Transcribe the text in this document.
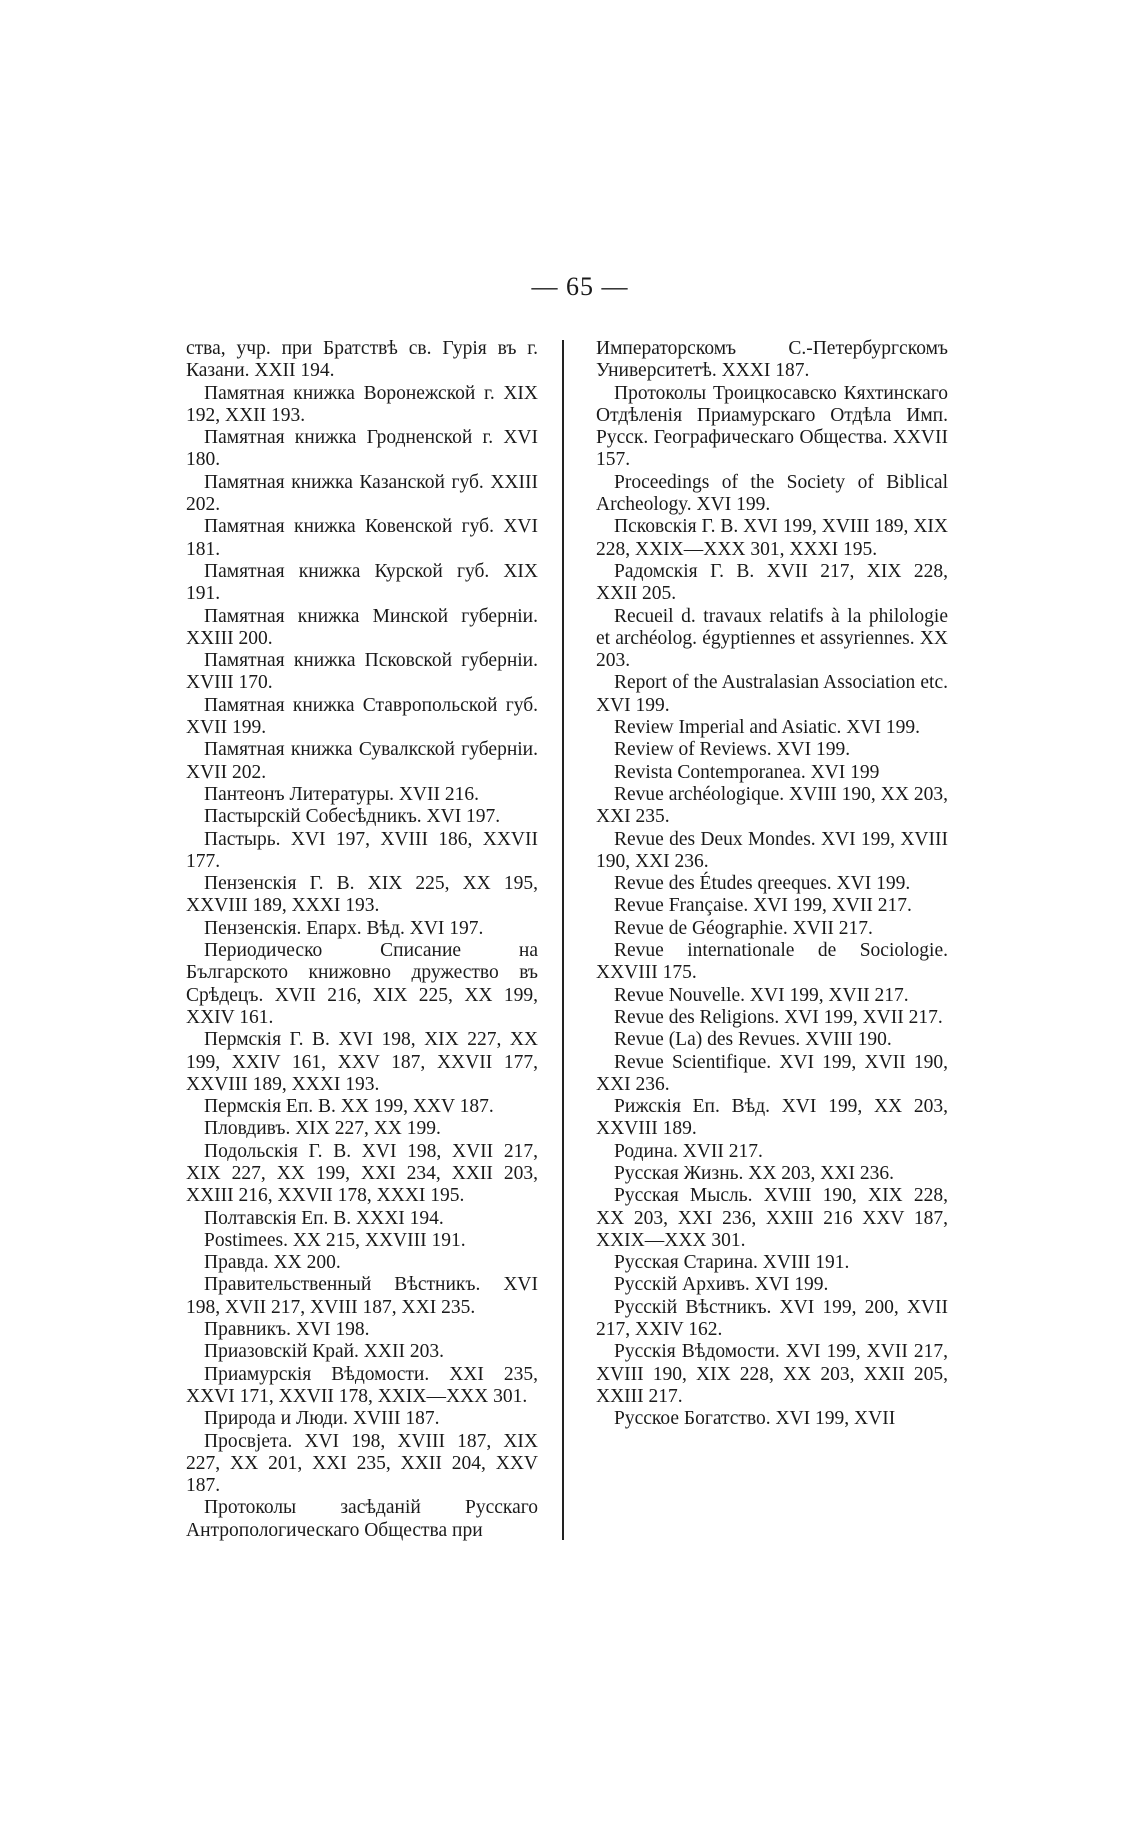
— 65 —

ства, учр. при Братствѣ св. Гурія въ г. Казани. XXII 194.

Памятная книжка Воронежской г. XIX 192, XXII 193.

Памятная книжка Гродненской г. XVI 180.

Памятная книжка Казанской губ. XXIII 202.

Памятная книжка Ковенской губ. XVI 181.

Памятная книжка Курской губ. XIX 191.

Памятная книжка Минской губерніи. XXIII 200.

Памятная книжка Псковской губерніи. XVIII 170.

Памятная книжка Ставропольской губ. XVII 199.

Памятная книжка Сувалкской губерніи. XVII 202.

Пантеонъ Литературы. XVII 216.

Пастырскій Собесѣдникъ. XVI 197.

Пастырь. XVI 197, XVIII 186, XXVII 177.

Пензенскія Г. В. XIX 225, XX 195, XXVIII 189, XXXI 193.

Пензенскія. Епарх. Вѣд. XVI 197.

Периодическо Списание на Българското книжовно дружество въ Срѣдецъ. XVII 216, XIX 225, XX 199, XXIV 161.

Пермскія Г. В. XVI 198, XIX 227, XX 199, XXIV 161, XXV 187, XXVII 177, XXVIII 189, XXXI 193.

Пермскія Еп. В. XX 199, XXV 187.

Пловдивъ. XIX 227, XX 199.

Подольскія Г. В. XVI 198, XVII 217, XIX 227, XX 199, XXI 234, XXII 203, XXIII 216, XXVII 178, XXXI 195.

Полтавскія Еп. В. XXXI 194.

Postimees. XX 215, XXVIII 191.

Правда. XX 200.

Правительственный Вѣстникъ. XVI 198, XVII 217, XVIII 187, XXI 235.

Правникъ. XVI 198.

Приазовскій Край. XXII 203.

Приамурскія Вѣдомости. XXI 235, XXVI 171, XXVII 178, XXIX—XXX 301.

Природа и Люди. XVIII 187.

Просвјета. XVI 198, XVIII 187, XIX 227, XX 201, XXI 235, XXII 204, XXV 187.

Протоколы засѣданій Русскаго Антропологическаго Общества при

Императорскомъ С.-Петербургскомъ Университетѣ. XXXI 187.

Протоколы Троицкосавско Кяхтинскаго Отдѣленія Приамурскаго Отдѣла Имп. Русск. Географическаго Общества. XXVII 157.

Proceedings of the Society of Biblical Archeology. XVI 199.

Псковскія Г. В. XVI 199, XVIII 189, XIX 228, XXIX—XXX 301, XXXI 195.

Радомскія Г. В. XVII 217, XIX 228, XXII 205.

Recueil d. travaux relatifs à la philologie et archéolog. égyptiennes et assyriennes. XX 203.

Report of the Australasian Association etc. XVI 199.

Review Imperial and Asiatic. XVI 199.

Review of Reviews. XVI 199.

Revista Contemporanea. XVI 199

Revue archéologique. XVIII 190, XX 203, XXI 235.

Revue des Deux Mondes. XVI 199, XVIII 190, XXI 236.

Revue des Études qreeques. XVI 199.

Revue Française. XVI 199, XVII 217.

Revue de Géographie. XVII 217.

Revue internationale de Sociologie. XXVIII 175.

Revue Nouvelle. XVI 199, XVII 217.

Revue des Religions. XVI 199, XVII 217.

Revue (La) des Revues. XVIII 190.

Revue Scientifique. XVI 199, XVII 190, XXI 236.

Рижскія Еп. Вѣд. XVI 199, XX 203, XXVIII 189.

Родина. XVII 217.

Русская Жизнь. XX 203, XXI 236.

Русская Мысль. XVIII 190, XIX 228, XX 203, XXI 236, XXIII 216 XXV 187, XXIX—XXX 301.

Русская Старина. XVIII 191.

Русскій Архивъ. XVI 199.

Русскій Вѣстникъ. XVI 199, 200, XVII 217, XXIV 162.

Русскія Вѣдомости. XVI 199, XVII 217, XVIII 190, XIX 228, XX 203, XXII 205, XXIII 217.

Русское Богатство. XVI 199, XVII
